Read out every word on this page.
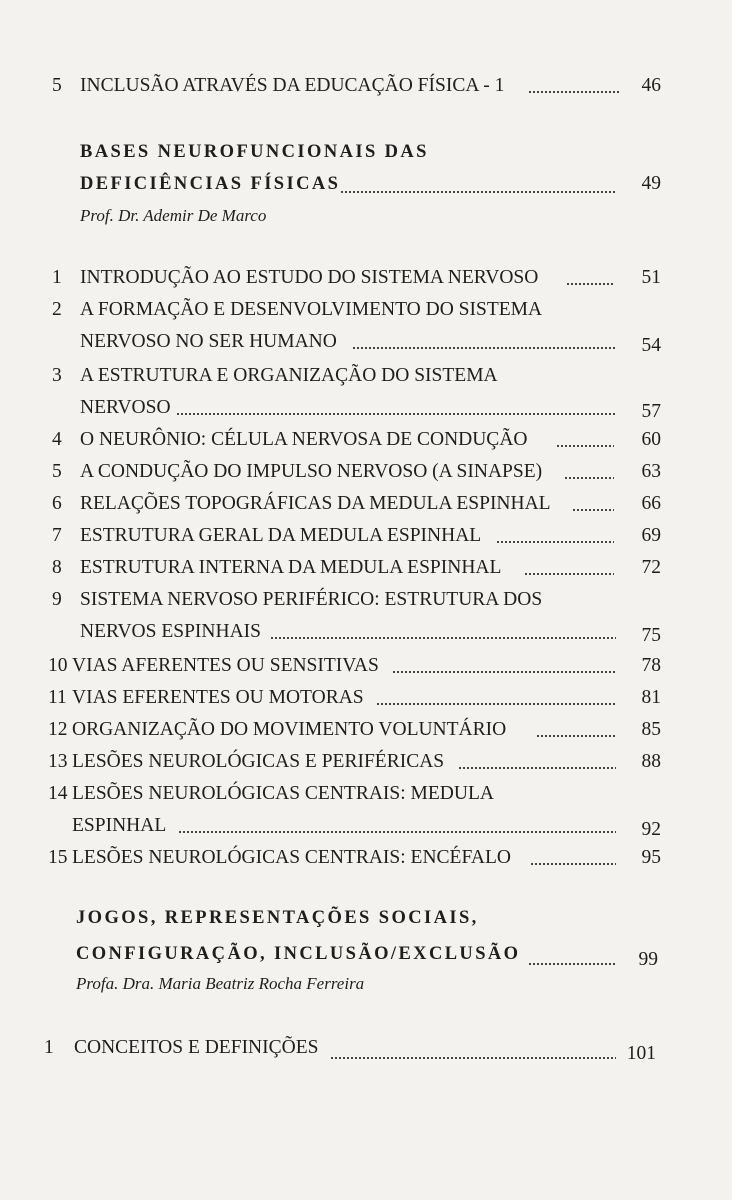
5 INCLUSÃO ATRAVÉS DA EDUCAÇÃO FÍSICA - 1	46
BASES NEUROFUNCIONAIS DAS
DEFICIÊNCIAS FÍSICAS	49
Prof. Dr. Ademir De Marco
1 INTRODUÇÃO AO ESTUDO DO SISTEMA NERVOSO	51
2 A FORMAÇÃO E DESENVOLVIMENTO DO SISTEMA
NERVOSO NO SER HUMANO	54
3 A ESTRUTURA E ORGANIZAÇÃO DO SISTEMA
NERVOSO	57
4 O NEURÔNIO: CÉLULA NERVOSA DE CONDUÇÃO	60
5 A CONDUÇÃO DO IMPULSO NERVOSO (A SINAPSE)	63
6 RELAÇÕES TOPOGRÁFICAS DA MEDULA ESPINHAL	66
7 ESTRUTURA GERAL DA MEDULA ESPINHAL	69
8 ESTRUTURA INTERNA DA MEDULA ESPINHAL	72
9 SISTEMA NERVOSO PERIFÉRICO: ESTRUTURA DOS
NERVOS ESPINHAIS	75
10 VIAS AFERENTES OU SENSITIVAS	78
11 VIAS EFERENTES OU MOTORAS	81
12 ORGANIZAÇÃO DO MOVIMENTO VOLUNTÁRIO	85
13 LESÕES NEUROLÓGICAS E PERIFÉRICAS	88
14 LESÕES NEUROLÓGICAS CENTRAIS: MEDULA
ESPINHAL	92
15 LESÕES NEUROLÓGICAS CENTRAIS: ENCÉFALO	95
JOGOS, REPRESENTAÇÕES SOCIAIS,
CONFIGURAÇÃO, INCLUSÃO/EXCLUSÃO	99
Profa. Dra. Maria Beatriz Rocha Ferreira
1 CONCEITOS E DEFINIÇÕES	101
